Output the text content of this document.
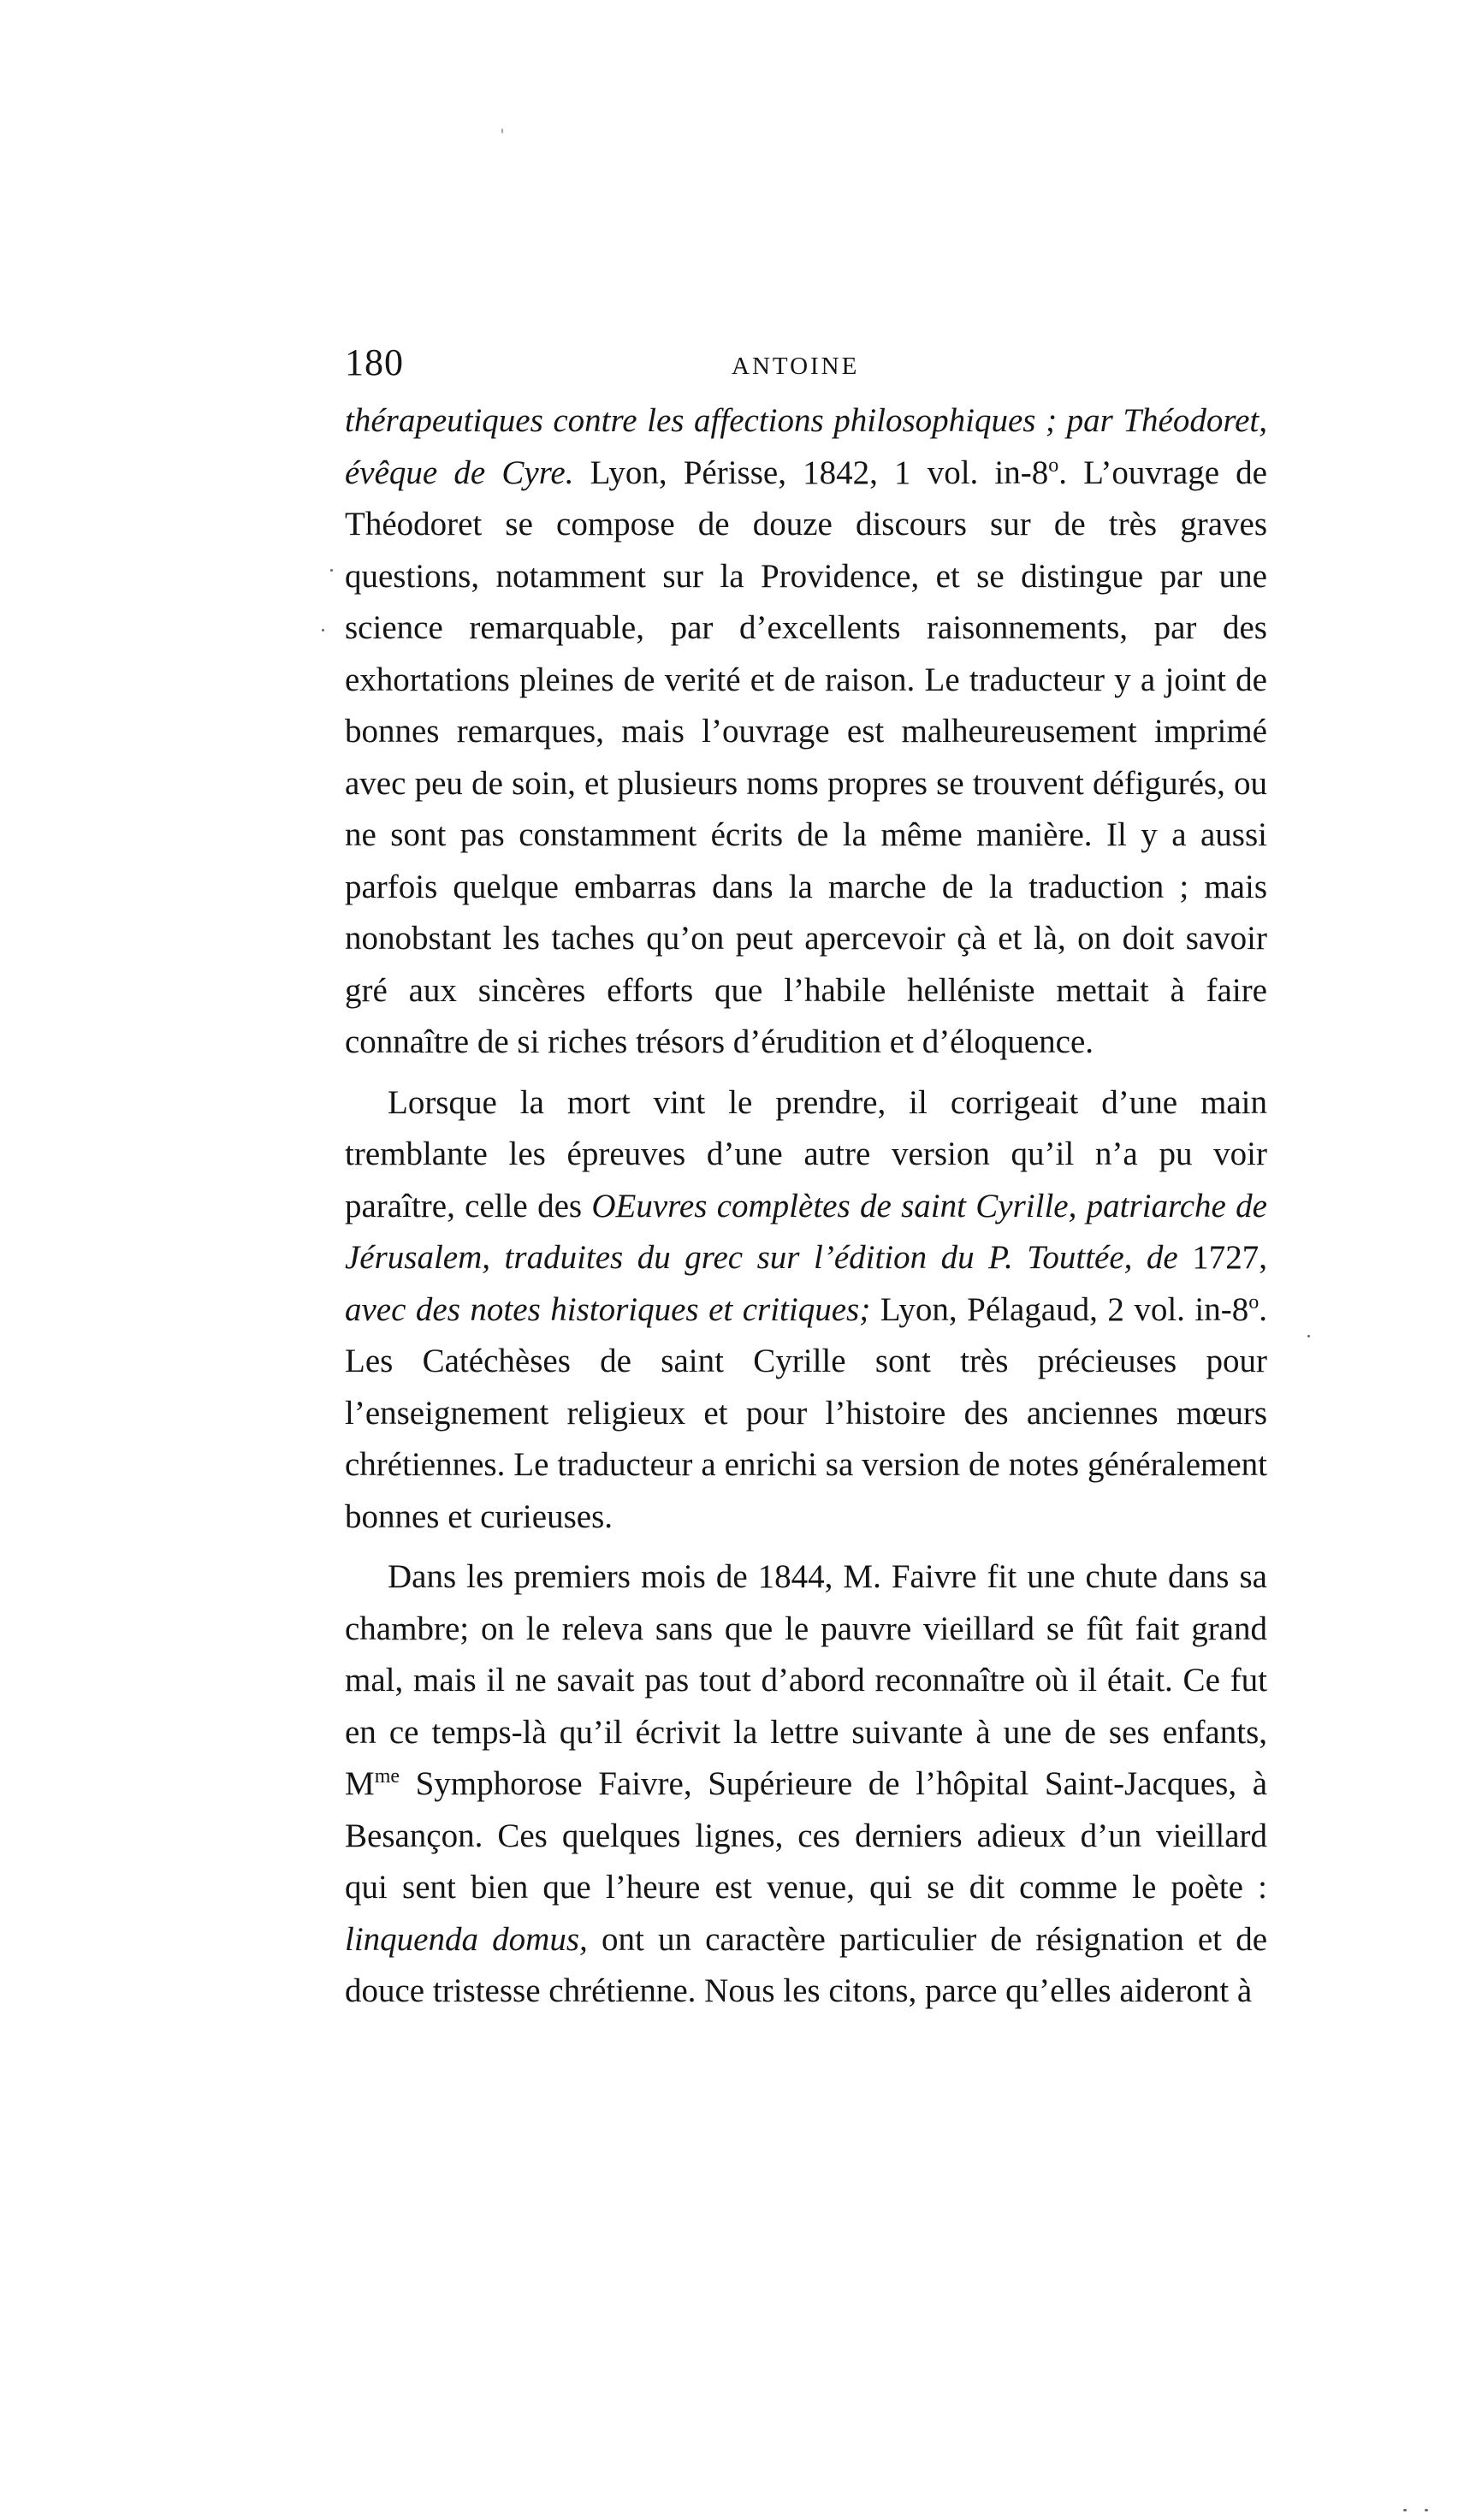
180	ANTOINE

thérapeutiques contre les affections philosophiques ; par Théodoret, évêque de Cyre. Lyon, Périsse, 1842, 1 vol. in-8$^o$. L’ouvrage de Théodoret se compose de douze discours sur de très graves questions, notamment sur la Providence, et se distingue par une science remarquable, par d’excellents raisonnements, par des exhortations pleines de verité et de raison. Le traducteur y a joint de bonnes remarques, mais l’ouvrage est malheureusement imprimé avec peu de soin, et plusieurs noms propres se trouvent défigurés, ou ne sont pas constamment écrits de la même manière. Il y a aussi parfois quelque embarras dans la marche de la traduction ; mais nonobstant les taches qu’on peut apercevoir çà et là, on doit savoir gré aux sincères efforts que l’habile helléniste mettait à faire connaître de si riches trésors d’érudition et d’éloquence.

Lorsque la mort vint le prendre, il corrigeait d’une main tremblante les épreuves d’une autre version qu’il n’a pu voir paraître, celle des OEuvres complètes de saint Cyrille, patriarche de Jérusalem, traduites du grec sur l’édition du P. Touttée, de 1727, avec des notes historiques et critiques; Lyon, Pélagaud, 2 vol. in-8$^o$. Les Catéchèses de saint Cyrille sont très précieuses pour l’enseignement religieux et pour l’histoire des anciennes mœurs chrétiennes. Le traducteur a enrichi sa version de notes généralement bonnes et curieuses.

Dans les premiers mois de 1844, M. Faivre fit une chute dans sa chambre; on le releva sans que le pauvre vieillard se fût fait grand mal, mais il ne savait pas tout d’abord reconnaître où il était. Ce fut en ce temps-là qu’il écrivit la lettre suivante à une de ses enfants, $M^{me}$ Symphorose Faivre, Supérieure de l’hôpital Saint-Jacques, à Besançon. Ces quelques lignes, ces derniers adieux d’un vieillard qui sent bien que l’heure est venue, qui se dit comme le poète : linquenda domus, ont un caractère particulier de résignation et de douce tristesse chrétienne. Nous les citons, parce qu’elles aideront à
